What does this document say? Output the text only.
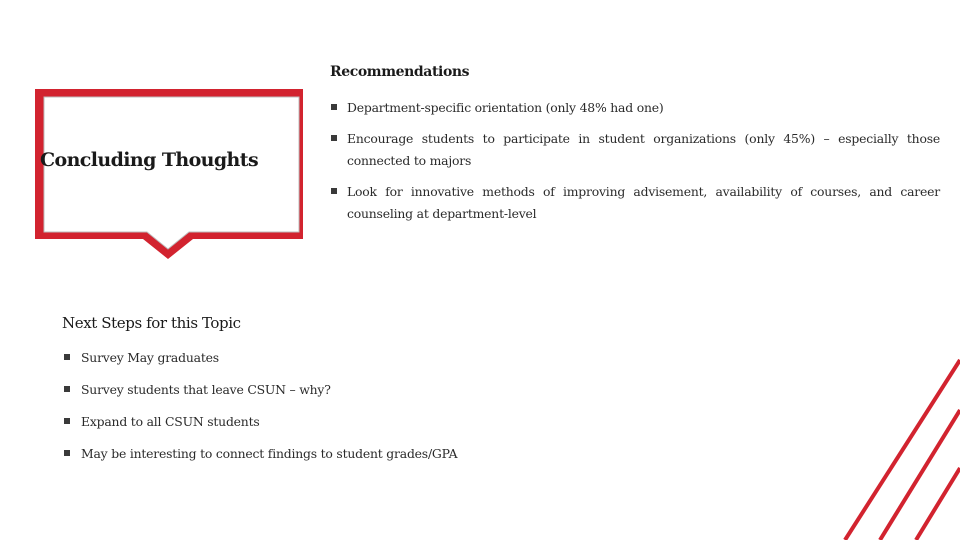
Concluding Thoughts
Recommendations
Department-specific orientation (only 48% had one)
Encourage students to participate in student organizations (only 45%) – especially those connected to majors
Look for innovative methods of improving advisement, availability of courses, and career counseling at department-level
Next Steps for this Topic
Survey May graduates
Survey students that leave CSUN – why?
Expand to all CSUN students
May be interesting to connect findings to student grades/GPA
